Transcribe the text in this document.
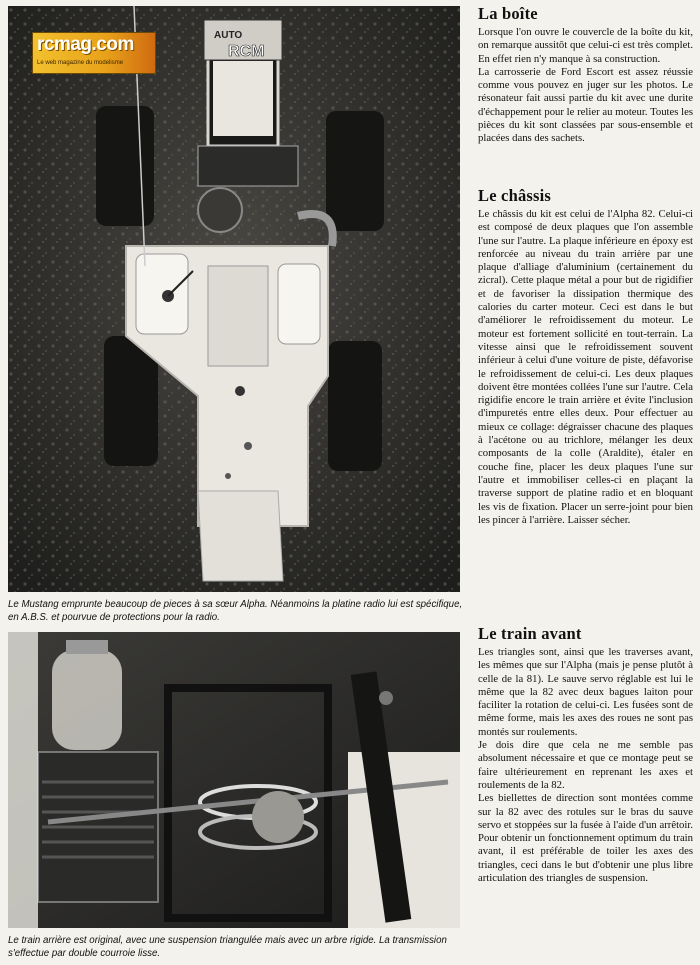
AUTO
RCM
rcmag.com
Le web magazine du modelisme
Le Mustang emprunte beaucoup de pieces à sa sœur Alpha. Néanmoins la platine radio lui est spécifique, en A.B.S. et pourvue de protections pour la radio.
Le train arrière est original, avec une suspension triangulée mais avec un arbre rigide. La transmission s'effectue par double courroie lisse.
La boîte

Lorsque l'on ouvre le couvercle de la boîte du kit, on remarque aussitôt que celui-ci est très complet. En effet rien n'y manque à sa construction.

La carrosserie de Ford Escort est assez réussie comme vous pouvez en juger sur les photos. Le résonateur fait aussi partie du kit avec une durite d'échappement pour le relier au moteur. Toutes les pièces du kit sont classées par sous-ensemble et placées dans des sachets.

Le châssis

Le châssis du kit est celui de l'Alpha 82. Celui-ci est composé de deux plaques que l'on assemble l'une sur l'autre. La plaque inférieure en époxy est renforcée au niveau du train arrière par une plaque d'alliage d'aluminium (certainement du zicral). Cette plaque métal a pour but de rigidifier et de favoriser la dissipation thermique des calories du carter moteur. Ceci est dans le but d'améliorer le refroidissement du moteur. Le moteur est fortement sollicité en tout-terrain. La vitesse ainsi que le refroidissement souvent inférieur à celui d'une voiture de piste, défavorise le refroidissement de celui-ci. Les deux plaques doivent être montées collées l'une sur l'autre. Cela rigidifie encore le train arrière et évite l'inclusion d'impuretés entre elles deux. Pour effectuer au mieux ce collage: dégraisser chacune des plaques à l'acétone ou au trichlore, mélanger les deux composants de la colle (Araldite), étaler en couche fine, placer les deux plaques l'une sur l'autre et immobiliser celles-ci en plaçant la traverse support de platine radio et en bloquant les vis de fixation. Placer un serre-joint pour bien les pincer à l'arrière. Laisser sécher.

Le train avant

Les triangles sont, ainsi que les traverses avant, les mêmes que sur l'Alpha (mais je pense plutôt à celle de la 81). Le sauve servo réglable est lui le même que la 82 avec deux bagues laiton pour faciliter la rotation de celui-ci. Les fusées sont de même forme, mais les axes des roues ne sont pas montés sur roulements.

Je dois dire que cela ne me semble pas absolument nécessaire et que ce montage peut se faire ultérieurement en reprenant les axes et roulements de la 82.

Les biellettes de direction sont montées comme sur la 82 avec des rotules sur le bras du sauve servo et stoppées sur la fusée à l'aide d'un arrêtoir. Pour obtenir un fonctionnement optimum du train avant, il est préférable de toiler les axes des triangles, ceci dans le but d'obtenir une plus libre articulation des triangles de suspension.
